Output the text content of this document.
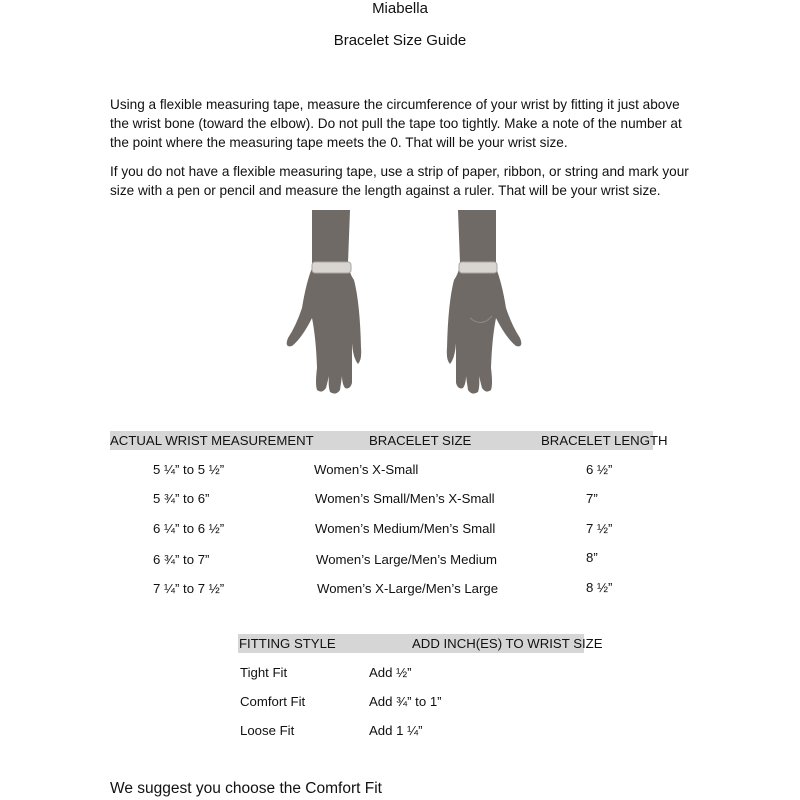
Miabella
Bracelet Size Guide
Using a flexible measuring tape, measure the circumference of your wrist by fitting it just above the wrist bone (toward the elbow). Do not pull the tape too tightly. Make a note of the number at the point where the measuring tape meets the 0. That will be your wrist size.
If you do not have a flexible measuring tape, use a strip of paper, ribbon, or string and mark your size with a pen or pencil and measure the length against a ruler. That will be your wrist size.
ACTUAL WRIST MEASUREMENT	BRACELET SIZE	BRACELET LENGTH
5 ¼” to 5 ½”	Women’s X-Small	6 ½”
5 ¾” to 6”	Women’s Small/Men’s X-Small	7”
6 ¼” to 6 ½”	Women’s Medium/Men’s Small	7 ½”
6 ¾” to 7”	Women’s Large/Men’s Medium	8”
7 ¼” to 7 ½”	Women’s X-Large/Men’s Large	8 ½”
FITTING STYLE	ADD INCH(ES) TO WRIST SIZE
Tight Fit	Add ½”
Comfort Fit	Add ¾” to 1”
Loose Fit	Add 1 ¼”
We suggest you choose the Comfort Fit
